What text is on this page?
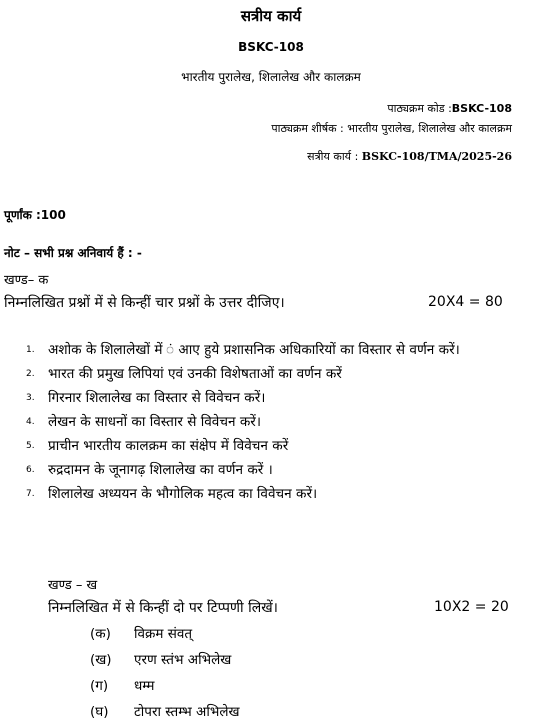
सत्रीय कार्य
BSKC-108
भारतीय पुरालेख, शिलालेख और कालक्रम
पाठ्यक्रम कोड :BSKC-108
पाठ्यक्रम शीर्षक : भारतीय पुरालेख, शिलालेख और कालक्रम
सत्रीय कार्य : BSKC-108/TMA/2025-26
पूर्णांक :100
नोट – सभी प्रश्न अनिवार्य हैं : -
खण्ड– क
निम्नलिखित प्रश्नों में से किन्हीं चार प्रश्नों के उत्तर दीजिए।	20X4 = 80
1. अशोक के शिलालेखों में ं आए हुये प्रशासनिक अधिकारियों का विस्तार से वर्णन करें।
2. भारत की प्रमुख लिपियां एवं उनकी विशेषताओं का वर्णन करें
3. गिरनार शिलालेख का विस्तार से विवेचन करें।
4. लेखन के साधनों का विस्तार से विवेचन करें।
5. प्राचीन भारतीय कालक्रम का संक्षेप में विवेचन करें
6. रुद्रदामन के जूनागढ़ शिलालेख का वर्णन करें ।
7. शिलालेख अध्ययन के भौगोलिक महत्व का विवेचन करें।
खण्ड – ख
निम्नलिखित में से किन्हीं दो पर टिप्पणी लिखें।	10X2 = 20
(क) विक्रम संवत्
(ख) एरण स्तंभ अभिलेख
(ग) धम्म
(घ) टोपरा स्तम्भ अभिलेख
